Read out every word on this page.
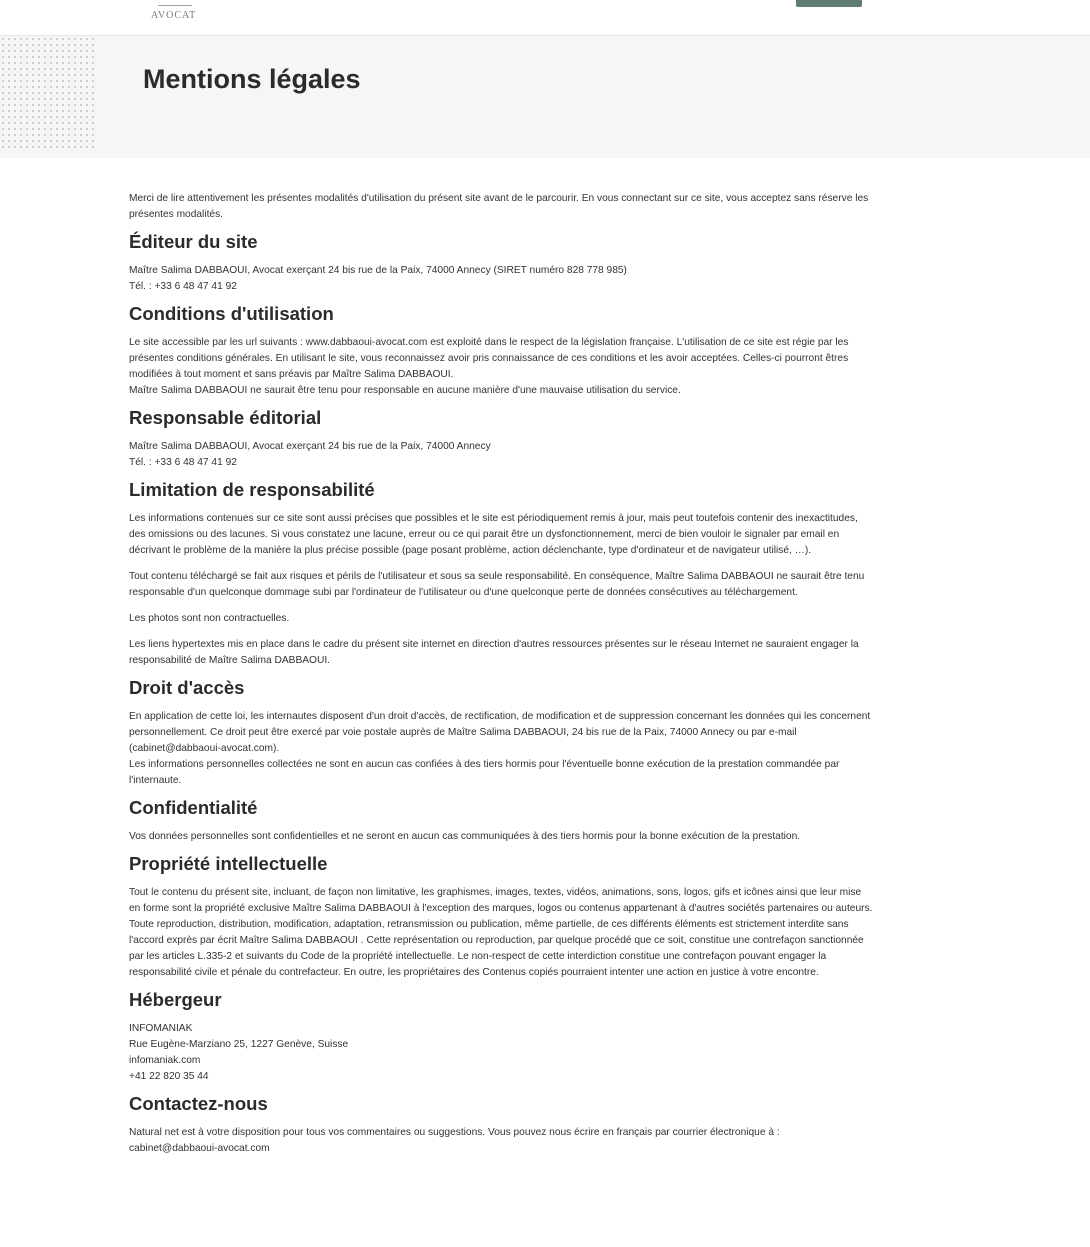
AVOCAT
Mentions légales

Merci de lire attentivement les présentes modalités d'utilisation du présent site avant de le parcourir. En vous connectant sur ce site, vous acceptez sans réserve les présentes modalités.

Éditeur du site

Maître Salima DABBAOUI, Avocat exerçant 24 bis rue de la Paix, 74000 Annecy (SIRET numéro 828 778 985)

Tél. : +33 6 48 47 41 92

Conditions d'utilisation

Le site accessible par les url suivants : www.dabbaoui-avocat.com est exploité dans le respect de la législation française. L'utilisation de ce site est régie par les présentes conditions générales. En utilisant le site, vous reconnaissez avoir pris connaissance de ces conditions et les avoir acceptées. Celles-ci pourront êtres modifiées à tout moment et sans préavis par Maître Salima DABBAOUI.

Maître Salima DABBAOUI ne saurait être tenu pour responsable en aucune manière d'une mauvaise utilisation du service.

Responsable éditorial

Maître Salima DABBAOUI, Avocat exerçant 24 bis rue de la Paix, 74000 Annecy

Tél. : +33 6 48 47 41 92

Limitation de responsabilité

Les informations contenues sur ce site sont aussi précises que possibles et le site est périodiquement remis à jour, mais peut toutefois contenir des inexactitudes, des omissions ou des lacunes. Si vous constatez une lacune, erreur ou ce qui parait être un dysfonctionnement, merci de bien vouloir le signaler par email en décrivant le problème de la manière la plus précise possible (page posant problème, action déclenchante, type d'ordinateur et de navigateur utilisé, …).

Tout contenu téléchargé se fait aux risques et périls de l'utilisateur et sous sa seule responsabilité. En conséquence, Maître Salima DABBAOUI ne saurait être tenu responsable d'un quelconque dommage subi par l'ordinateur de l'utilisateur ou d'une quelconque perte de données consécutives au téléchargement.

Les photos sont non contractuelles.

Les liens hypertextes mis en place dans le cadre du présent site internet en direction d'autres ressources présentes sur le réseau Internet ne sauraient engager la responsabilité de Maître Salima DABBAOUI.

Droit d'accès

En application de cette loi, les internautes disposent d'un droit d'accès, de rectification, de modification et de suppression concernant les données qui les concernent personnellement. Ce droit peut être exercé par voie postale auprès de Maître Salima DABBAOUI, 24 bis rue de la Paix, 74000 Annecy ou par e-mail (cabinet@dabbaoui-avocat.com).

Les informations personnelles collectées ne sont en aucun cas confiées à des tiers hormis pour l'éventuelle bonne exécution de la prestation commandée par l'internaute.

Confidentialité

Vos données personnelles sont confidentielles et ne seront en aucun cas communiquées à des tiers hormis pour la bonne exécution de la prestation.

Propriété intellectuelle

Tout le contenu du présent site, incluant, de façon non limitative, les graphismes, images, textes, vidéos, animations, sons, logos, gifs et icônes ainsi que leur mise en forme sont la propriété exclusive Maître Salima DABBAOUI à l'exception des marques, logos ou contenus appartenant à d'autres sociétés partenaires ou auteurs.

Toute reproduction, distribution, modification, adaptation, retransmission ou publication, même partielle, de ces différents éléments est strictement interdite sans l'accord exprès par écrit Maître Salima DABBAOUI . Cette représentation ou reproduction, par quelque procédé que ce soit, constitue une contrefaçon sanctionnée par les articles L.335-2 et suivants du Code de la propriété intellectuelle. Le non-respect de cette interdiction constitue une contrefaçon pouvant engager la responsabilité civile et pénale du contrefacteur. En outre, les propriétaires des Contenus copiés pourraient intenter une action en justice à votre encontre.

Hébergeur

INFOMANIAK

Rue Eugène-Marziano 25, 1227 Genève, Suisse

infomaniak.com

+41 22 820 35 44

Contactez-nous

Natural net est à votre disposition pour tous vos commentaires ou suggestions. Vous pouvez nous écrire en français par courrier électronique à :

cabinet@dabbaoui-avocat.com
